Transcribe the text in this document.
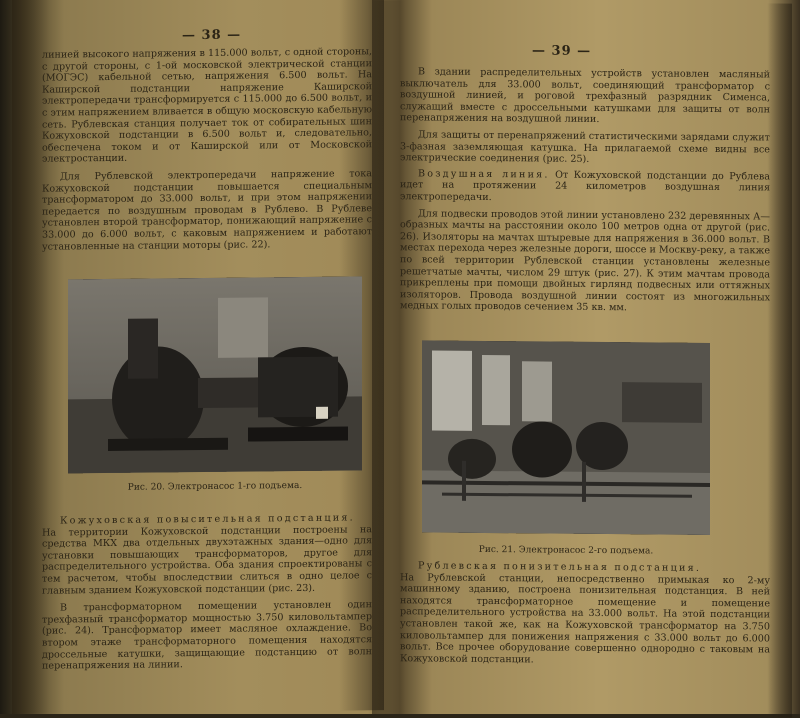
— 38 —

линией высокого напряжения в 115.000 вольт, с одной стороны, с другой стороны, с 1-ой московской электрической станции (МОГЭС) кабельной сетью, напряжения 6.500 вольт. На Каширской подстанции напряжение Каширской электропередачи трансформируется с 115.000 до 6.500 вольт, и с этим напряжением вливается в общую московскую кабельную сеть. Рублевская станция получает ток от собирательных шин Кожуховской подстанции в 6.500 вольт и, следовательно, обеспечена током и от Каширской или от Московской электростанции.

Для Рублевской электропередачи напряжение тока Кожуховской подстанции повышается специальным трансформатором до 33.000 вольт, и при этом напряжении передается по воздушным проводам в Рублево. В Рублеве установлен второй трансформатор, понижающий напряжение с 33.000 до 6.000 вольт, с каковым напряжением и работают установленные на станции моторы (рис. 22).

Рис. 20. Электронасос 1-го подъема.

Кожуховская повысительная подстанция.

На территории Кожуховской подстанции построены на средства МКХ два отдельных двухэтажных здания—одно для установки повышающих трансформаторов, другое для распределительного устройства. Оба здания спроектированы с тем расчетом, чтобы впоследствии слиться в одно целое с главным зданием Кожуховской подстанции (рис. 23).

В трансформаторном помещении установлен один трехфазный трансформатор мощностью 3.750 киловольтампер (рис. 24). Трансформатор имеет масляное охлаждение. Во втором этаже трансформаторного помещения находятся дроссельные катушки, защищающие подстанцию от волн перенапряжения на линии.

— 39 —

В здании распределительных устройств установлен масляный выключатель для 33.000 вольт, соединяющий трансформатор с воздушной линией, и роговой трехфазный разрядник Сименса, служащий вместе с дроссельными катушками для защиты от волн перенапряжения на воздушной линии.

Для защиты от перенапряжений статистическими зарядами служит 3-фазная заземляющая катушка. На прилагаемой схеме видны все электрические соединения (рис. 25).

Воздушная линия. От Кожуховской подстанции до Рублева идет на протяжении 24 километров воздушная линия электропередачи.

Для подвески проводов этой линии установлено 232 деревянных А—образных мачты на расстоянии около 100 метров одна от другой (рис. 26). Изоляторы на мачтах штыревые для напряжения в 36.000 вольт. В местах перехода через железные дороги, шоссе и Москву-реку, а также по всей территории Рублевской станции установлены железные решетчатые мачты, числом 29 штук (рис. 27). К этим мачтам провода прикреплены при помощи двойных гирлянд подвесных или оттяжных изоляторов. Провода воздушной линии состоят из многожильных медных голых проводов сечением 35 кв. мм.

Рис. 21. Электронасос 2-го подъема.

Рублевская понизительная подстанция.

На Рублевской станции, непосредственно примыкая ко 2-му машинному зданию, построена понизительная подстанция. В ней находятся трансформаторное помещение и помещение распределительного устройства на 33.000 вольт. На этой подстанции установлен такой же, как на Кожуховской трансформатор на 3.750 киловольтампер для понижения напряжения с 33.000 вольт до 6.000 вольт. Все прочее оборудование совершенно однородно с таковым на Кожуховской подстанции.
